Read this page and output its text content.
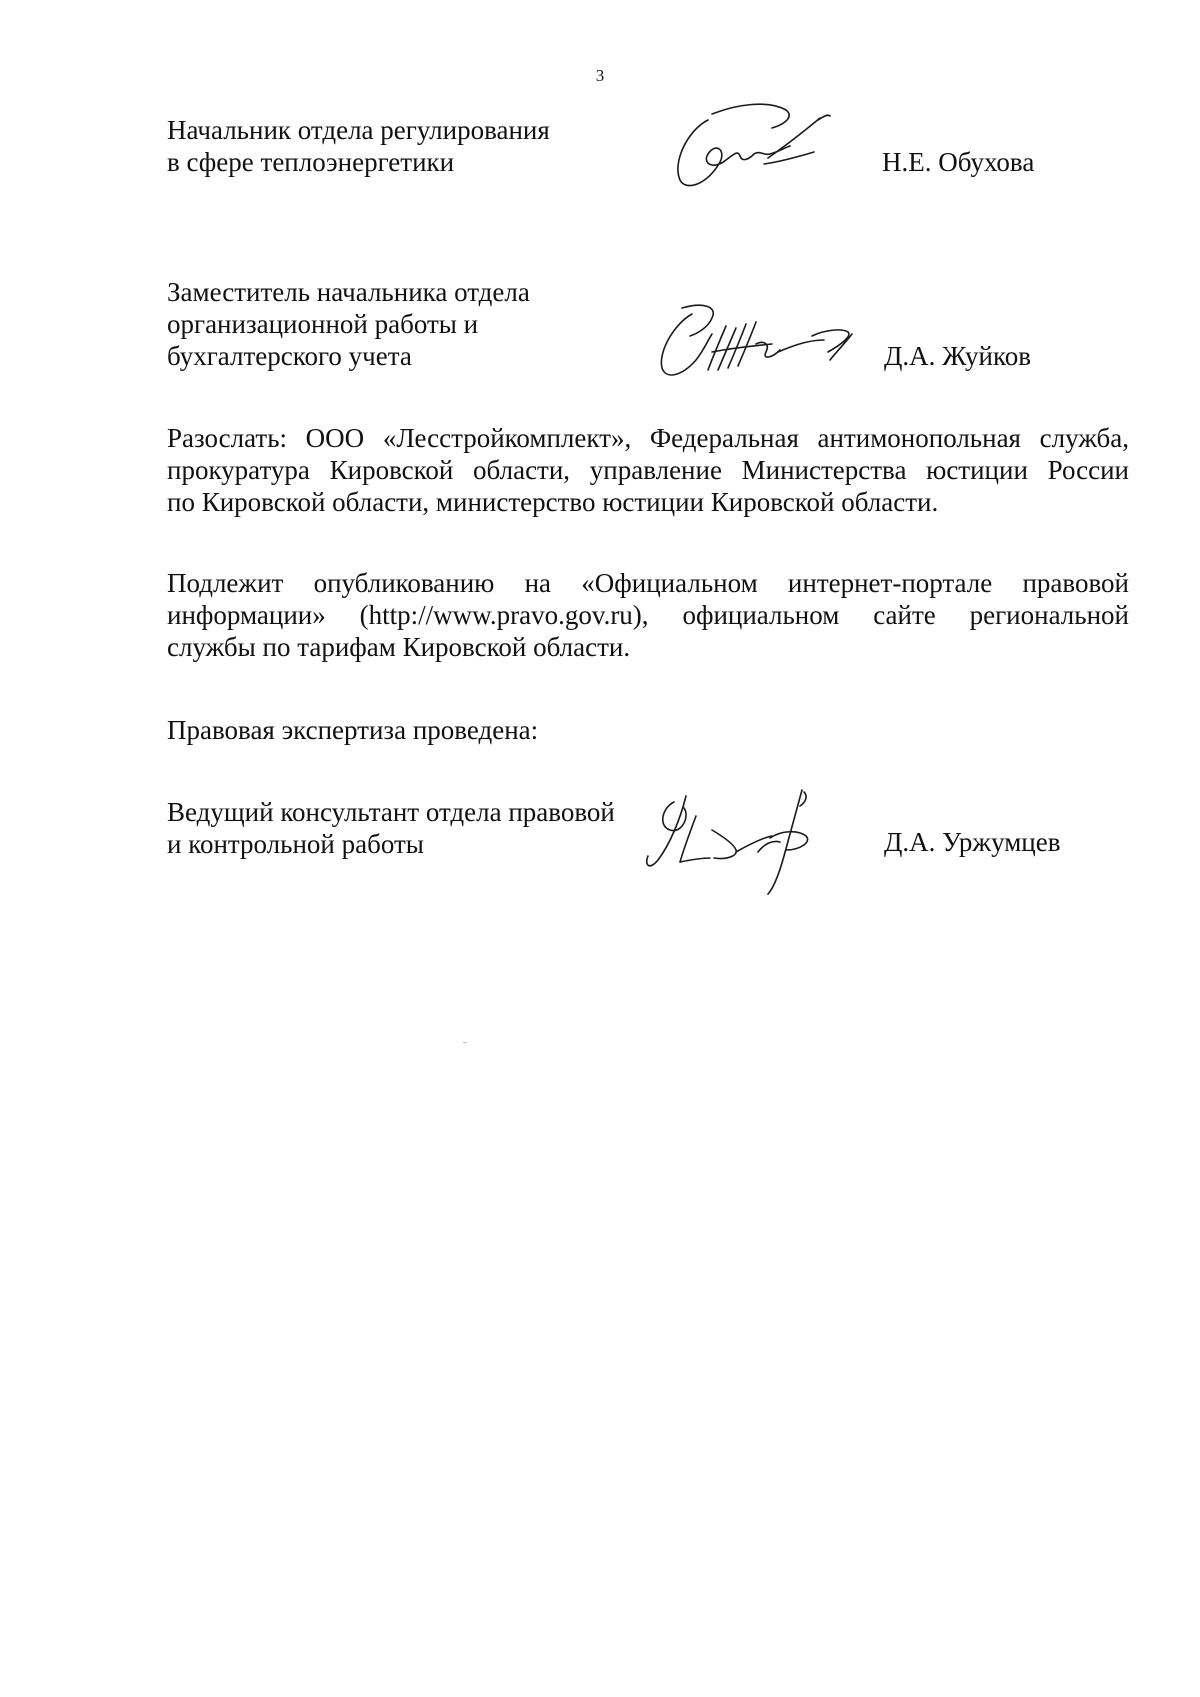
3
Начальник отдела регулирования
в сфере теплоэнергетики	Н.Е. Обухова
Заместитель начальника отдела
организационной работы и
бухгалтерского учета	Д.А. Жуйков
Разослать: ООО «Лесстройкомплект», Федеральная антимонопольная служба,
прокуратура Кировской области, управление Министерства юстиции России
по Кировской области, министерство юстиции Кировской области.
Подлежит опубликованию на «Официальном интернет-портале правовой
информации» (http://www.pravo.gov.ru), официальном сайте региональной
службы по тарифам Кировской области.
Правовая экспертиза проведена:
Ведущий консультант отдела правовой
и контрольной работы	Д.А. Уржумцев
